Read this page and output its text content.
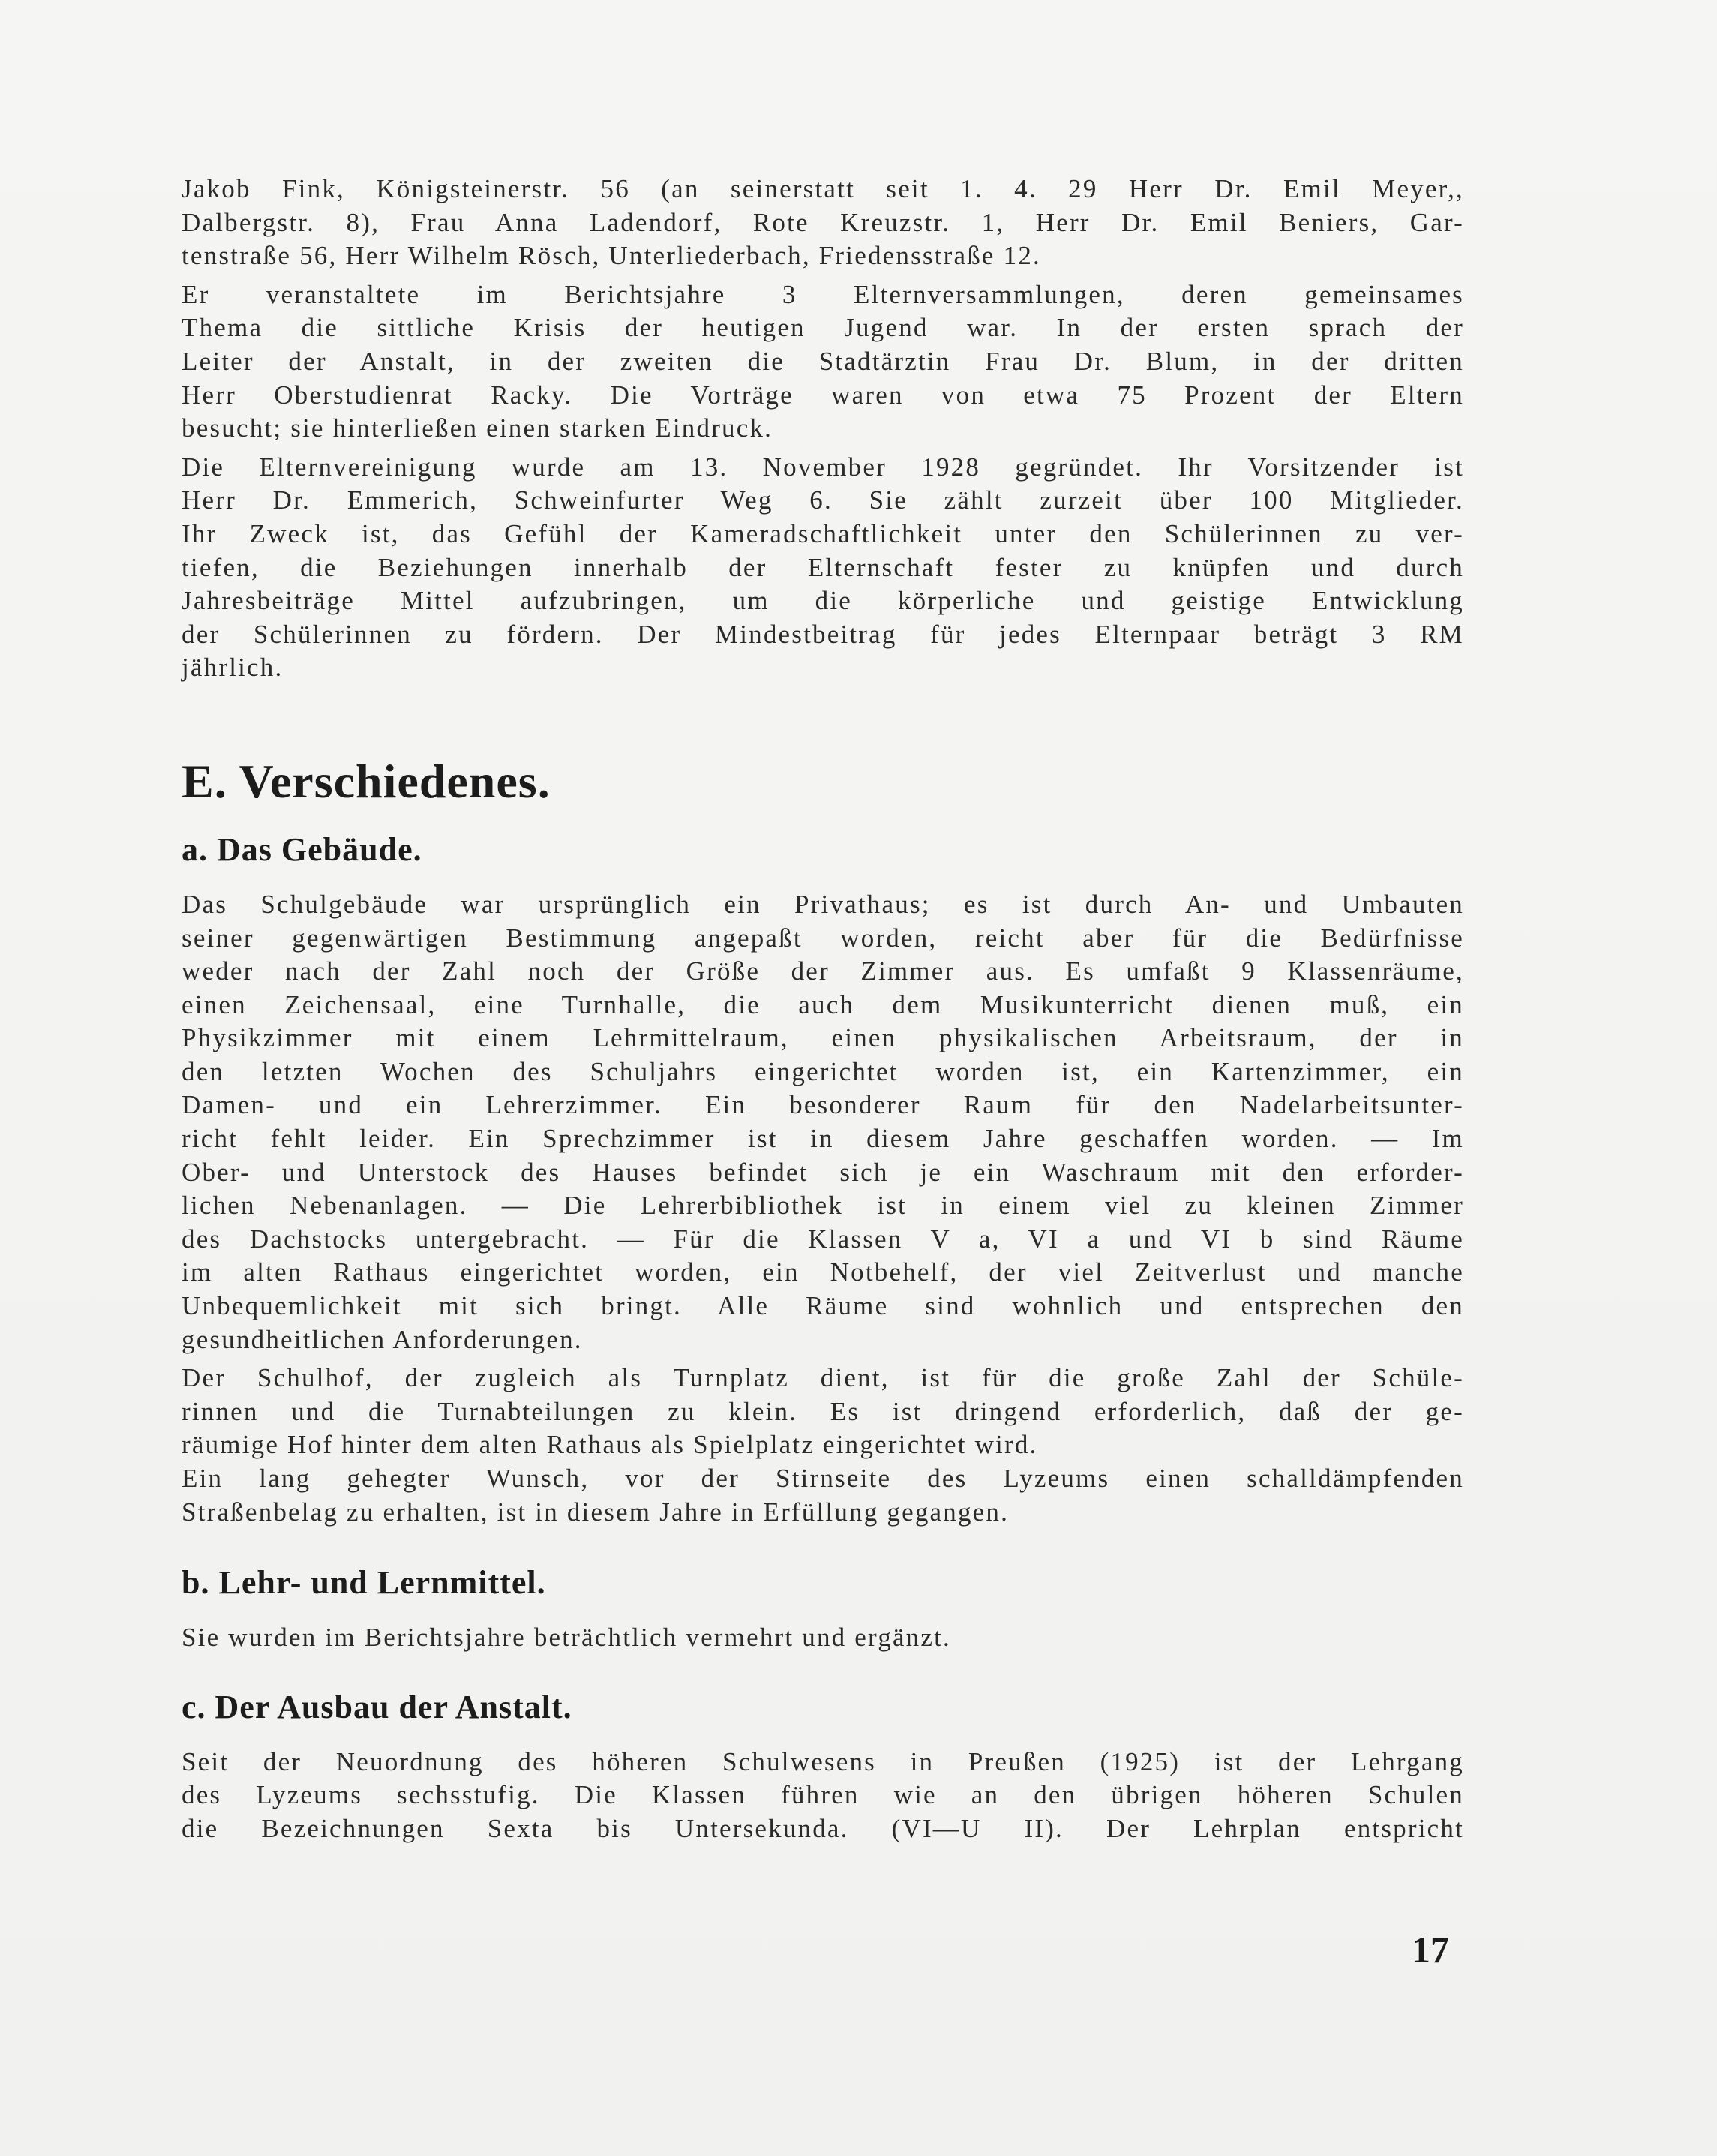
Jakob Fink, Königsteinerstr. 56 (an seinerstatt seit 1. 4. 29 Herr Dr. Emil Meyer,,
Dalbergstr. 8), Frau Anna Ladendorf, Rote Kreuzstr. 1, Herr Dr. Emil Beniers, Gar-
tenstraße 56, Herr Wilhelm Rösch, Unterliederbach, Friedensstraße 12.
Er veranstaltete im Berichtsjahre 3 Elternversammlungen, deren gemeinsames
Thema die sittliche Krisis der heutigen Jugend war. In der ersten sprach der
Leiter der Anstalt, in der zweiten die Stadtärztin Frau Dr. Blum, in der dritten
Herr Oberstudienrat Racky. Die Vorträge waren von etwa 75 Prozent der Eltern
besucht; sie hinterließen einen starken Eindruck.
Die Elternvereinigung wurde am 13. November 1928 gegründet. Ihr Vorsitzender ist
Herr Dr. Emmerich, Schweinfurter Weg 6. Sie zählt zurzeit über 100 Mitglieder.
Ihr Zweck ist, das Gefühl der Kameradschaftlichkeit unter den Schülerinnen zu ver-
tiefen, die Beziehungen innerhalb der Elternschaft fester zu knüpfen und durch
Jahresbeiträge Mittel aufzubringen, um die körperliche und geistige Entwicklung
der Schülerinnen zu fördern. Der Mindestbeitrag für jedes Elternpaar beträgt 3 RM
jährlich.
E. Verschiedenes.
a. Das Gebäude.
Das Schulgebäude war ursprünglich ein Privathaus; es ist durch An- und Umbauten
seiner gegenwärtigen Bestimmung angepaßt worden, reicht aber für die Bedürfnisse
weder nach der Zahl noch der Größe der Zimmer aus. Es umfaßt 9 Klassenräume,
einen Zeichensaal, eine Turnhalle, die auch dem Musikunterricht dienen muß, ein
Physikzimmer mit einem Lehrmittelraum, einen physikalischen Arbeitsraum, der in
den letzten Wochen des Schuljahrs eingerichtet worden ist, ein Kartenzimmer, ein
Damen- und ein Lehrerzimmer. Ein besonderer Raum für den Nadelarbeitsunter-
richt fehlt leider. Ein Sprechzimmer ist in diesem Jahre geschaffen worden. — Im
Ober- und Unterstock des Hauses befindet sich je ein Waschraum mit den erforder-
lichen Nebenanlagen. — Die Lehrerbibliothek ist in einem viel zu kleinen Zimmer
des Dachstocks untergebracht. — Für die Klassen V a, VI a und VI b sind Räume
im alten Rathaus eingerichtet worden, ein Notbehelf, der viel Zeitverlust und manche
Unbequemlichkeit mit sich bringt. Alle Räume sind wohnlich und entsprechen den
gesundheitlichen Anforderungen.
Der Schulhof, der zugleich als Turnplatz dient, ist für die große Zahl der Schüle-
rinnen und die Turnabteilungen zu klein. Es ist dringend erforderlich, daß der ge-
räumige Hof hinter dem alten Rathaus als Spielplatz eingerichtet wird.
Ein lang gehegter Wunsch, vor der Stirnseite des Lyzeums einen schalldämpfenden
Straßenbelag zu erhalten, ist in diesem Jahre in Erfüllung gegangen.
b. Lehr- und Lernmittel.
Sie wurden im Berichtsjahre beträchtlich vermehrt und ergänzt.
c. Der Ausbau der Anstalt.
Seit der Neuordnung des höheren Schulwesens in Preußen (1925) ist der Lehrgang
des Lyzeums sechsstufig. Die Klassen führen wie an den übrigen höheren Schulen
die Bezeichnungen Sexta bis Untersekunda. (VI—U II). Der Lehrplan entspricht
17
